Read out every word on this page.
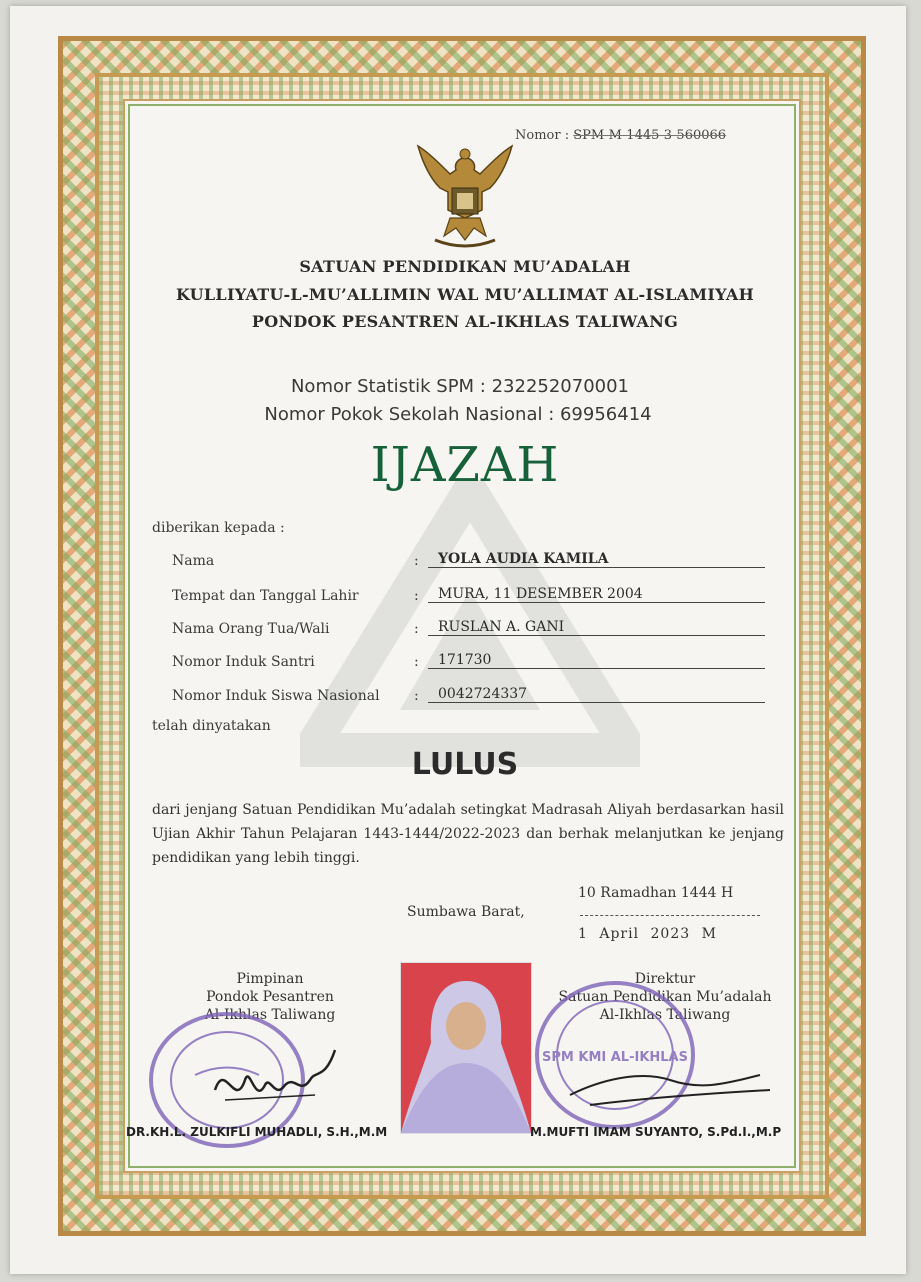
Nomor : SPM-M-1445-3-560066
SATUAN PENDIDIKAN MU’ADALAH
KULLIYATU-L-MU’ALLIMIN WAL MU’ALLIMAT AL-ISLAMIYAH
PONDOK PESANTREN AL-IKHLAS TALIWANG
Nomor Statistik SPM : 232252070001
Nomor Pokok Sekolah Nasional : 69956414
IJAZAH
diberikan kepada :
Nama	:	YOLA AUDIA KAMILA
Tempat dan Tanggal Lahir	:	MURA, 11 DESEMBER 2004
Nama Orang Tua/Wali	:	RUSLAN A. GANI
Nomor Induk Santri	:	171730
Nomor Induk Siswa Nasional :	0042724337
telah dinyatakan
LULUS
dari jenjang Satuan Pendidikan Mu’adalah setingkat Madrasah Aliyah berdasarkan hasil Ujian Akhir Tahun Pelajaran 1443-1444/2022-2023 dan berhak melanjutkan ke jenjang pendidikan yang lebih tinggi.
10 Ramadhan 1444 H
Sumbawa Barat,
1 April 2023 M
Pimpinan
Pondok Pesantren
Al-Ikhlas Taliwang
DR.KH.L. ZULKIFLI MUHADLI, S.H.,M.M
Direktur
Satuan Pendidikan Mu’adalah
Al-Ikhlas Taliwang
SPM KMI AL-IKHLAS
M.MUFTI IMAM SUYANTO, S.Pd.I.,M.P
